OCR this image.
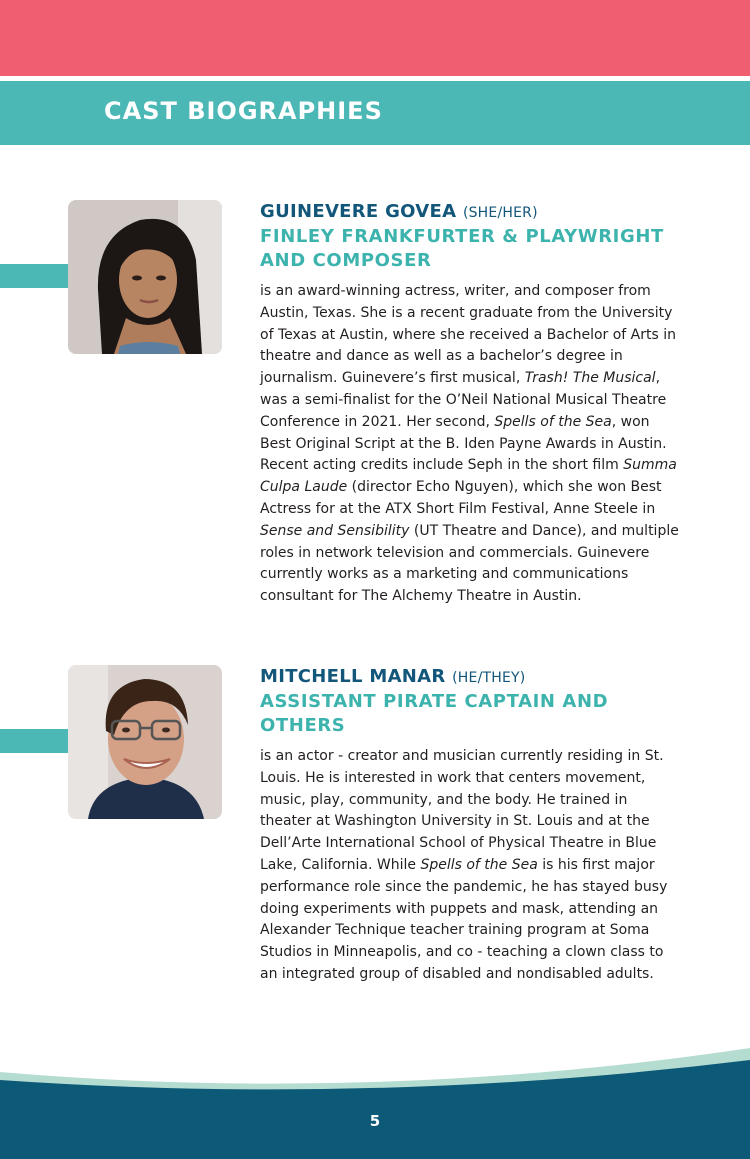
CAST BIOGRAPHIES

GUINEVERE GOVEA (SHE/HER)

FINLEY FRANKFURTER & PLAYWRIGHT

AND COMPOSER

is an award-winning actress, writer, and composer from Austin, Texas. She is a recent graduate from the University of Texas at Austin, where she received a Bachelor of Arts in theatre and dance as well as a bachelor’s degree in journalism. Guinevere’s first musical, Trash! The Musical, was a semi-finalist for the O’Neil National Musical Theatre Conference in 2021. Her second, Spells of the Sea, won Best Original Script at the B. Iden Payne Awards in Austin. Recent acting credits include Seph in the short film Summa Culpa Laude (director Echo Nguyen), which she won Best Actress for at the ATX Short Film Festival, Anne Steele in Sense and Sensibility (UT Theatre and Dance), and multiple roles in network television and commercials. Guinevere currently works as a marketing and communications consultant for The Alchemy Theatre in Austin.

MITCHELL MANAR (HE/THEY)

ASSISTANT PIRATE CAPTAIN AND

OTHERS

is an actor - creator and musician currently residing in St. Louis. He is interested in work that centers movement, music, play, community, and the body. He trained in theater at Washington University in St. Louis and at the Dell’Arte International School of Physical Theatre in Blue Lake, California. While Spells of the Sea is his first major performance role since the pandemic, he has stayed busy doing experiments with puppets and mask, attending an Alexander Technique teacher training program at Soma Studios in Minneapolis, and co - teaching a clown class to an integrated group of disabled and nondisabled adults.

5
